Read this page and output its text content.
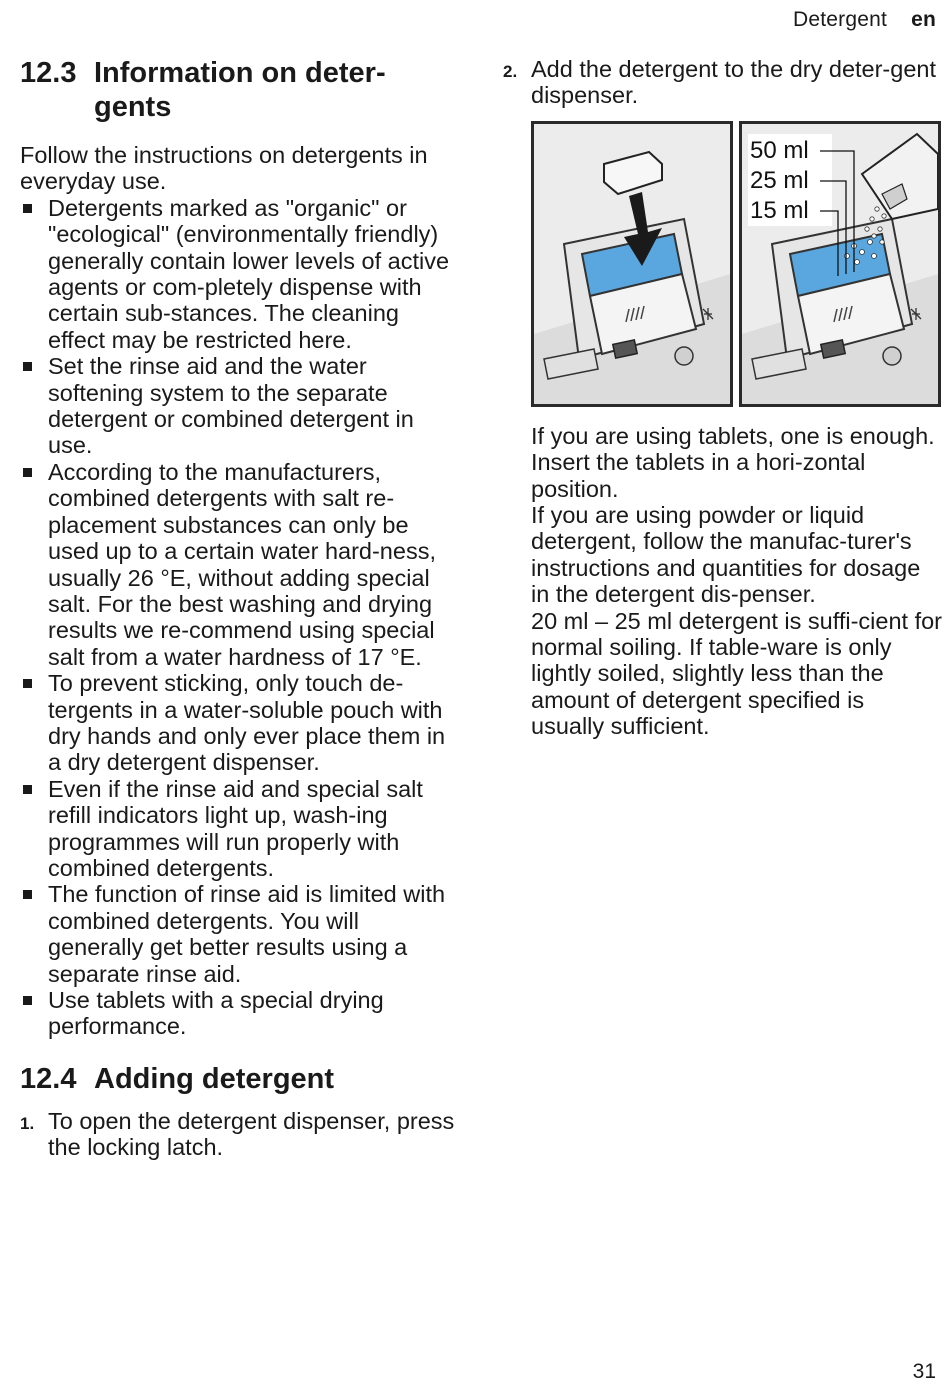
Detergent en
12.3 Information on deter-
gents

Follow the instructions on detergents in everyday use.

Detergents marked as "organic" or "ecological" (environmentally friendly) generally contain lower levels of active agents or com-pletely dispense with certain sub-stances. The cleaning effect may be restricted here.
Set the rinse aid and the water softening system to the separate detergent or combined detergent in use.
According to the manufacturers, combined detergents with salt re-placement substances can only be used up to a certain water hard-ness, usually 26 °E, without adding special salt. For the best washing and drying results we re-commend using special salt from a water hardness of 17 °E.
To prevent sticking, only touch de-tergents in a water-soluble pouch with dry hands and only ever place them in a dry detergent dispenser.
Even if the rinse aid and special salt refill indicators light up, wash-ing programmes will run properly with combined detergents.
The function of rinse aid is limited with combined detergents. You will generally get better results using a separate rinse aid.
Use tablets with a special drying performance.
12.4 Adding detergent
1. To open the detergent dispenser, press the locking latch.
2. Add the detergent to the dry deter-gent dispenser.
50 ml
25 ml
15 ml

If you are using tablets, one is enough. Insert the tablets in a hori-zontal position.

If you are using powder or liquid detergent, follow the manufac-turer's instructions and quantities for dosage in the detergent dis-penser.

20 ml – 25 ml detergent is suffi-cient for normal soiling. If table-ware is only lightly soiled, slightly less than the amount of detergent specified is usually sufficient.

31
